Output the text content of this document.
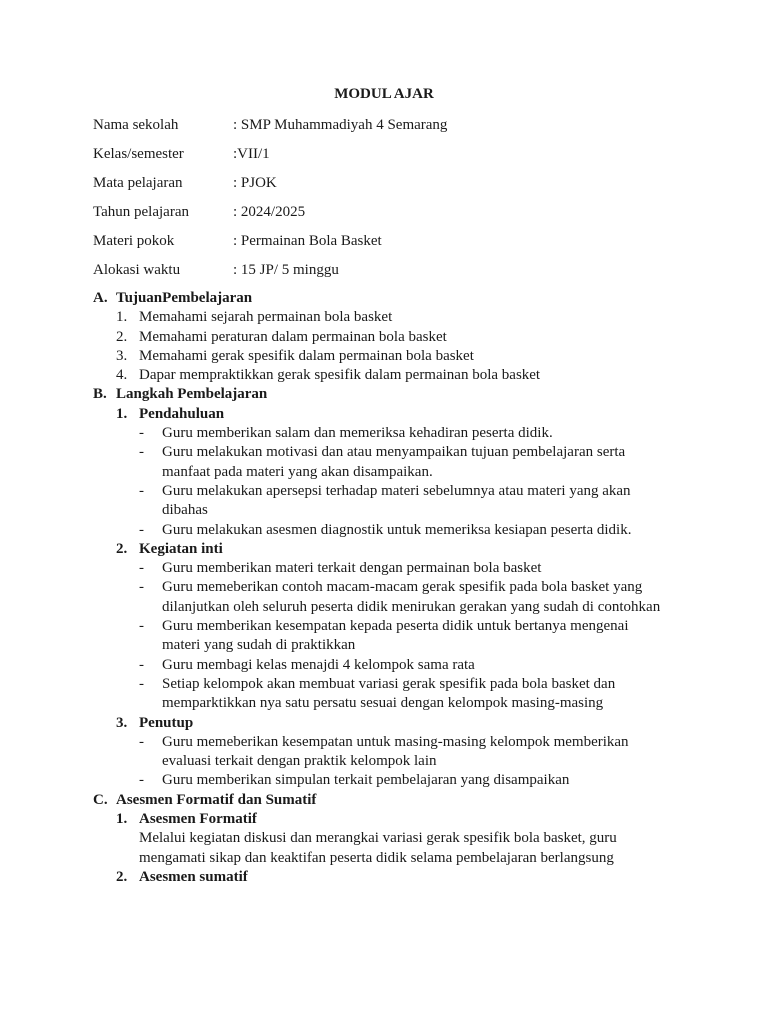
MODUL AJAR
Nama sekolah	: SMP Muhammadiyah 4 Semarang
Kelas/semester	:VII/1
Mata pelajaran	: PJOK
Tahun pelajaran	: 2024/2025
Materi pokok	: Permainan Bola Basket
Alokasi waktu	: 15 JP/ 5 minggu
A. TujuanPembelajaran
1. Memahami sejarah permainan bola basket
2. Memahami peraturan dalam permainan bola basket
3. Memahami gerak spesifik dalam permainan bola basket
4. Dapar mempraktikkan gerak spesifik dalam permainan bola basket
B. Langkah Pembelajaran
1. Pendahuluan
-	Guru memberikan salam dan memeriksa kehadiran peserta didik.
-	Guru melakukan motivasi dan atau menyampaikan tujuan pembelajaran serta manfaat pada materi yang akan disampaikan.
-	Guru melakukan apersepsi terhadap materi sebelumnya atau materi yang akan dibahas
-	Guru melakukan asesmen diagnostik untuk memeriksa kesiapan peserta didik.
2. Kegiatan inti
-	Guru memberikan materi terkait dengan permainan bola basket
-	Guru memeberikan contoh macam-macam gerak spesifik pada bola basket yang dilanjutkan oleh seluruh peserta didik menirukan gerakan yang sudah di contohkan
-	Guru memberikan kesempatan kepada peserta didik untuk bertanya mengenai materi yang sudah di praktikkan
-	Guru membagi kelas menajdi 4 kelompok sama rata
-	Setiap kelompok akan membuat variasi gerak spesifik pada bola basket dan memparktikkan nya satu persatu sesuai dengan kelompok masing-masing
3. Penutup
-	Guru memeberikan kesempatan untuk masing-masing kelompok memberikan evaluasi terkait dengan praktik kelompok lain
-	Guru memberikan simpulan terkait pembelajaran yang disampaikan
C. Asesmen Formatif dan Sumatif
1. Asesmen Formatif
Melalui kegiatan diskusi dan merangkai variasi gerak spesifik bola basket, guru mengamati sikap dan keaktifan peserta didik selama pembelajaran berlangsung
2. Asesmen sumatif
